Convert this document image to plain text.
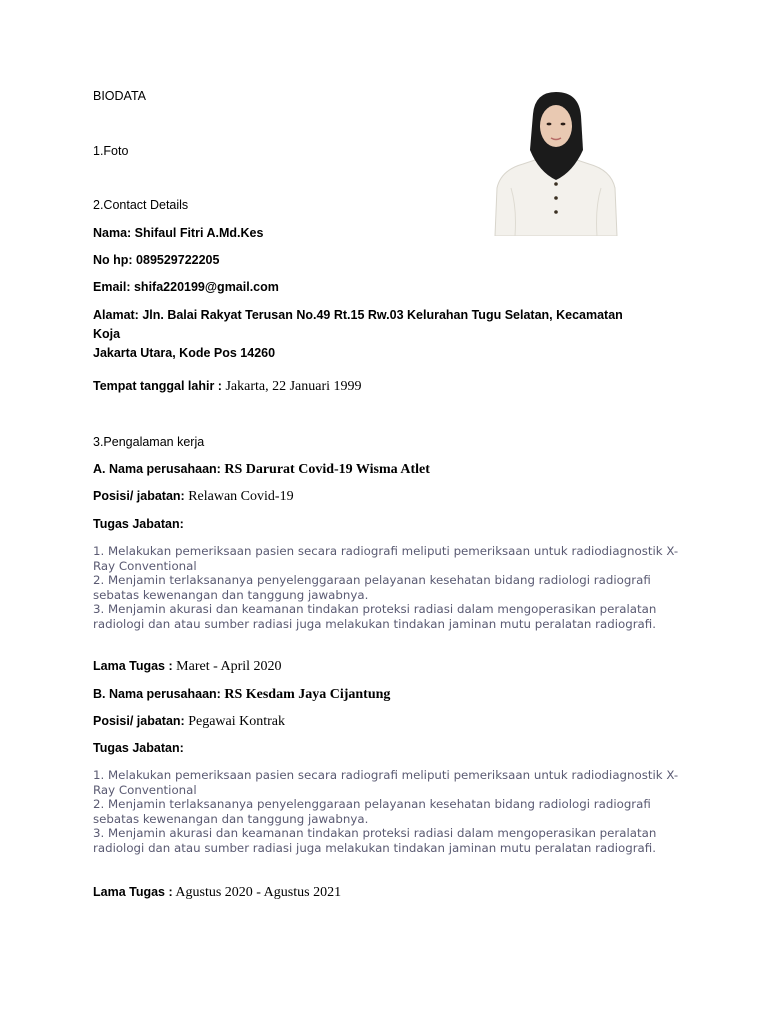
BIODATA
1.Foto
2.Contact Details
Nama: Shifaul Fitri A.Md.Kes
No hp: 089529722205
Email: shifa220199@gmail.com
Alamat: Jln. Balai Rakyat Terusan No.49 Rt.15 Rw.03 Kelurahan Tugu Selatan, Kecamatan Koja
Jakarta Utara, Kode Pos 14260
Tempat tanggal lahir : Jakarta, 22 Januari 1999
3.Pengalaman kerja
A. Nama perusahaan: RS Darurat Covid-19 Wisma Atlet
Posisi/ jabatan: Relawan Covid-19
Tugas Jabatan:
1. Melakukan pemeriksaan pasien secara radiografi meliputi pemeriksaan untuk radiodiagnostik X-Ray Conventional
2. Menjamin terlaksananya penyelenggaraan pelayanan kesehatan bidang radiologi radiografi sebatas kewenangan dan tanggung jawabnya.
3. Menjamin akurasi dan keamanan tindakan proteksi radiasi dalam mengoperasikan peralatan radiologi dan atau sumber radiasi juga melakukan tindakan jaminan mutu peralatan radiografi.
Lama Tugas : Maret - April 2020
B. Nama perusahaan: RS Kesdam Jaya Cijantung
Posisi/ jabatan: Pegawai Kontrak
Tugas Jabatan:
1. Melakukan pemeriksaan pasien secara radiografi meliputi pemeriksaan untuk radiodiagnostik X-Ray Conventional
2. Menjamin terlaksananya penyelenggaraan pelayanan kesehatan bidang radiologi radiografi sebatas kewenangan dan tanggung jawabnya.
3. Menjamin akurasi dan keamanan tindakan proteksi radiasi dalam mengoperasikan peralatan radiologi dan atau sumber radiasi juga melakukan tindakan jaminan mutu peralatan radiografi.
Lama Tugas : Agustus 2020 - Agustus 2021
